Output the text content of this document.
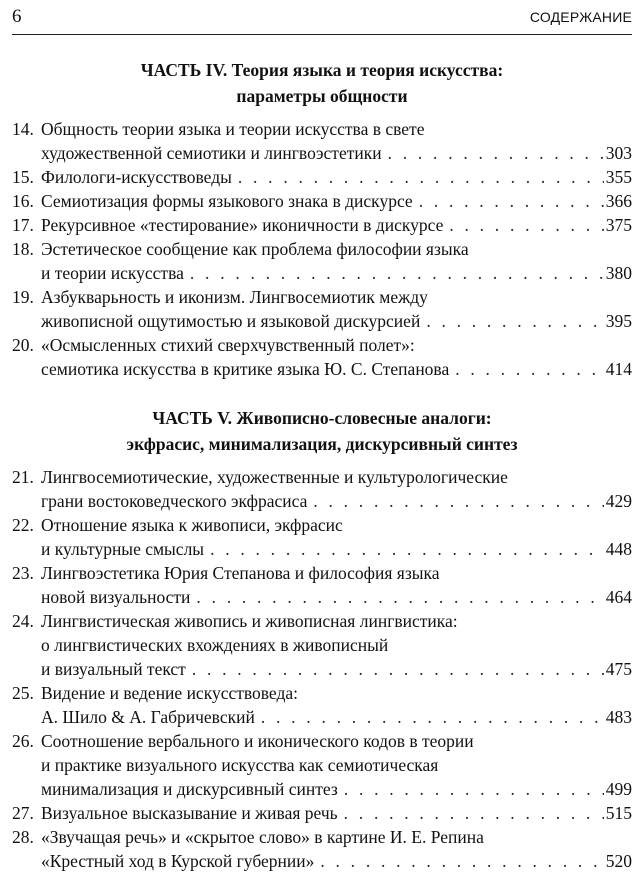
6	СОДЕРЖАНИЕ
ЧАСТЬ IV. Теория языка и теория искусства:
параметры общности
14. Общность теории языка и теории искусства в свете
художественной семиотики и лингвоэстетики . . .	303
15. Филологи-искусствоведы . . .	355
16. Семиотизация формы языкового знака в дискурсе . . .	366
17. Рекурсивное «тестирование» иконичности в дискурсе . . .	375
18. Эстетическое сообщение как проблема философии языка
и теории искусства . . .	380
19. Азбукварьность и иконизм. Лингвосемиотик между
живописной ощутимостью и языковой дискурсией . . .	395
20. «Осмысленных стихий сверхчувственный полет»:
семиотика искусства в критике языка Ю. С. Степанова . . .	414
ЧАСТЬ V. Живописно-словесные аналоги:
экфрасис, минимализация, дискурсивный синтез
21. Лингвосемиотические, художественные и культурологические
грани востоковедческого экфрасиса . . .	429
22. Отношение языка к живописи, экфрасис
и культурные смыслы . . .	448
23. Лингвоэстетика Юрия Степанова и философия языка
новой визуальности . . .	464
24. Лингвистическая живопись и живописная лингвистика:
о лингвистических вхождениях в живописный
и визуальный текст . . .	475
25. Видение и ведение искусствоведа:
А. Шило & А. Габричевский . . .	483
26. Соотношение вербального и иконического кодов в теории
и практике визуального искусства как семиотическая
минимализация и дискурсивный синтез . . .	499
27. Визуальное высказывание и живая речь . . .	515
28. «Звучащая речь» и «скрытое слово» в картине И. Е. Репина
«Крестный ход в Курской губернии» . . .	520
